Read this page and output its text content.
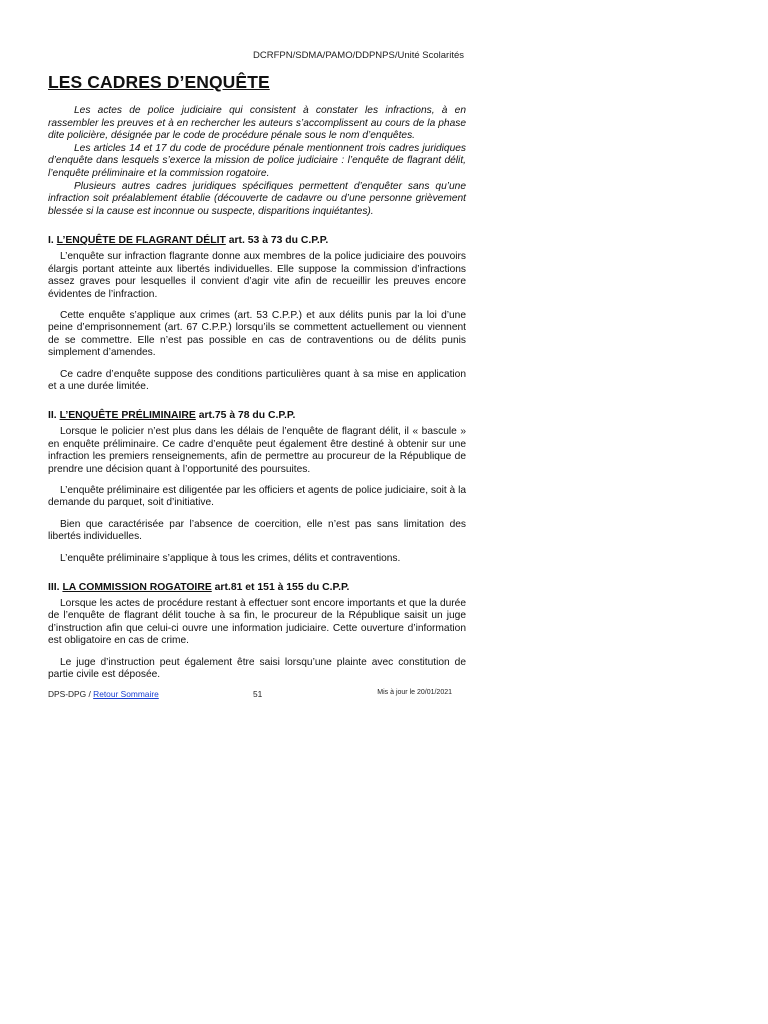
DCRFPN/SDMA/PAMO/DDPNPS/Unité Scolarités
LES CADRES D’ENQUÊTE

Les actes de police judiciaire qui consistent à constater les infractions, à en rassembler les preuves et à en rechercher les auteurs s’accomplissent au cours de la phase dite policière, désignée par le code de procédure pénale sous le nom d’enquêtes.

Les articles 14 et 17 du code de procédure pénale mentionnent trois cadres juridiques d’enquête dans lesquels s’exerce la mission de police judiciaire : l’enquête de flagrant délit, l’enquête préliminaire et la commission rogatoire.

Plusieurs autres cadres juridiques spécifiques permettent d’enquêter sans qu’une infraction soit préalablement établie (découverte de cadavre ou d’une personne grièvement blessée si la cause est inconnue ou suspecte, disparitions inquiétantes).

I. L’ENQUÊTE DE FLAGRANT DÉLIT art. 53 à 73 du C.P.P.

L’enquête sur infraction flagrante donne aux membres de la police judiciaire des pouvoirs élargis portant atteinte aux libertés individuelles. Elle suppose la commission d’infractions assez graves pour lesquelles il convient d’agir vite afin de recueillir les preuves encore évidentes de l’infraction.

Cette enquête s’applique aux crimes (art. 53 C.P.P.) et aux délits punis par la loi d’une peine d’emprisonnement (art. 67 C.P.P.) lorsqu’ils se commettent actuellement ou viennent de se commettre. Elle n’est pas possible en cas de contraventions ou de délits punis simplement d’amendes.

Ce cadre d’enquête suppose des conditions particulières quant à sa mise en application et a une durée limitée.

II. L’ENQUÊTE PRÉLIMINAIRE art.75 à 78 du C.P.P.

Lorsque le policier n’est plus dans les délais de l’enquête de flagrant délit, il « bascule » en enquête préliminaire. Ce cadre d’enquête peut également être destiné à obtenir sur une infraction les premiers renseignements, afin de permettre au procureur de la République de prendre une décision quant à l’opportunité des poursuites.

L’enquête préliminaire est diligentée par les officiers et agents de police judiciaire, soit à la demande du parquet, soit d’initiative.

Bien que caractérisée par l’absence de coercition, elle n’est pas sans limitation des libertés individuelles.

L’enquête préliminaire s’applique à tous les crimes, délits et contraventions.

III. LA COMMISSION ROGATOIRE art.81 et 151 à 155 du C.P.P.

Lorsque les actes de procédure restant à effectuer sont encore importants et que la durée de l’enquête de flagrant délit touche à sa fin, le procureur de la République saisit un juge d’instruction afin que celui-ci ouvre une information judiciaire. Cette ouverture d’information est obligatoire en cas de crime.

Le juge d’instruction peut également être saisi lorsqu’une plainte avec constitution de partie civile est déposée.

DPS-DPG / Retour Sommaire	51	Mis à jour le 20/01/2021
